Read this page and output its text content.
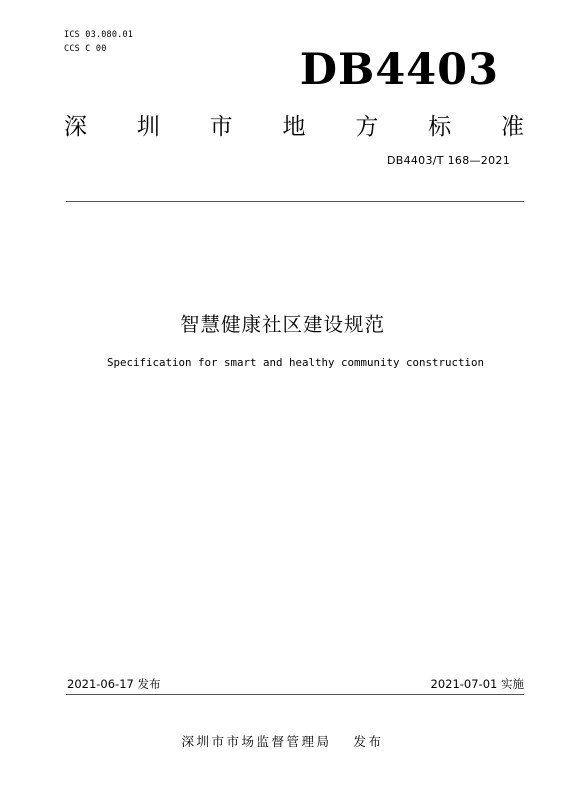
ICS 03.080.01
CCS C 00	DB4403
深 圳 市 地 方 标 准
DB4403/T 168—2021
智慧健康社区建设规范
Specification for smart and healthy community construction
2021-06-17 发布	2021-07-01 实施
深圳市市场监督管理局 发布
